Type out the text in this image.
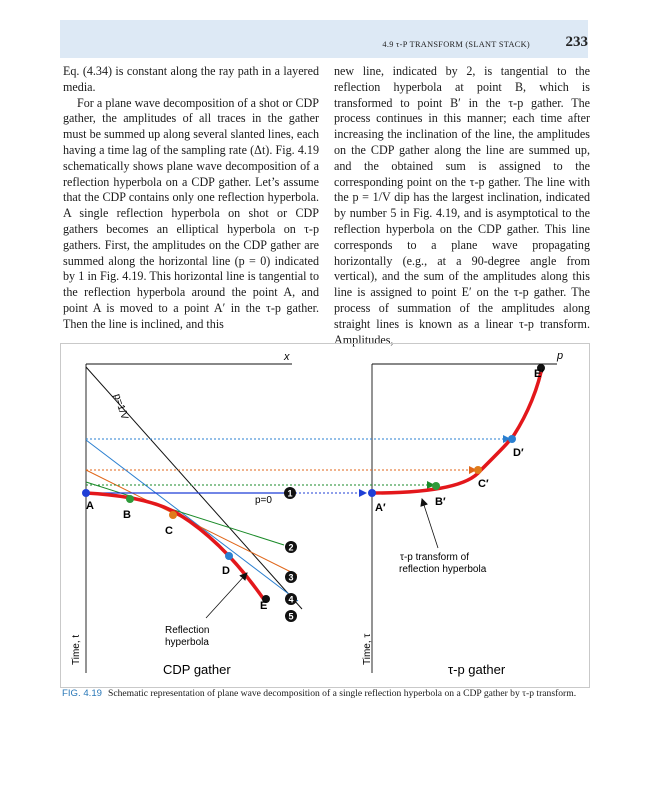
4.9 τ-P TRANSFORM (SLANT STACK)	233

Eq. (4.34) is constant along the ray path in a layered media.

For a plane wave decomposition of a shot or CDP gather, the amplitudes of all traces in the gather must be summed up along several slanted lines, each having a time lag of the sampling rate (Δt). Fig. 4.19 schematically shows plane wave decomposition of a reflection hyperbola on a CDP gather. Let’s assume that the CDP contains only one reflection hyperbola. A single reflection hyperbola on shot or CDP gathers becomes an elliptical hyperbola on τ-p gathers. First, the amplitudes on the CDP gather are summed along the horizontal line (p = 0) indicated by 1 in Fig. 4.19. This horizontal line is tangential to the reflection hyperbola around the point A, and point A is moved to a point A′ in the τ-p gather. Then the line is inclined, and this

new line, indicated by 2, is tangential to the reflection hyperbola at point B, which is transformed to point B′ in the τ-p gather. The process continues in this manner; each time after increasing the inclination of the line, the amplitudes on the CDP gather along the line are summed up, and the obtained sum is assigned to the corresponding point on the τ-p gather. The line with the p = 1/V dip has the largest inclination, indicated by number 5 in Fig. 4.19, and is asymptotical to the reflection hyperbola on the CDP gather. This line corresponds to a plane wave propagating horizontally (e.g., at a 90-degree angle from vertical), and the sum of the amplitudes along this line is assigned to point E′ on the τ-p gather. The process of summation of the amplitudes along straight lines is known as a linear τ-p transform. Amplitudes,

x
Time, t
CDP gather
p
Time, τ
τ-p gather
A
B
C
D
E
p=1/V
p=0
1
2
3
4
5
Reflection
hyperbola
A′	B′
C′
D′
E′
τ-p transform of
reflection hyperbola
FIG. 4.19 Schematic representation of plane wave decomposition of a single reflection hyperbola on a CDP gather by τ-p transform.
